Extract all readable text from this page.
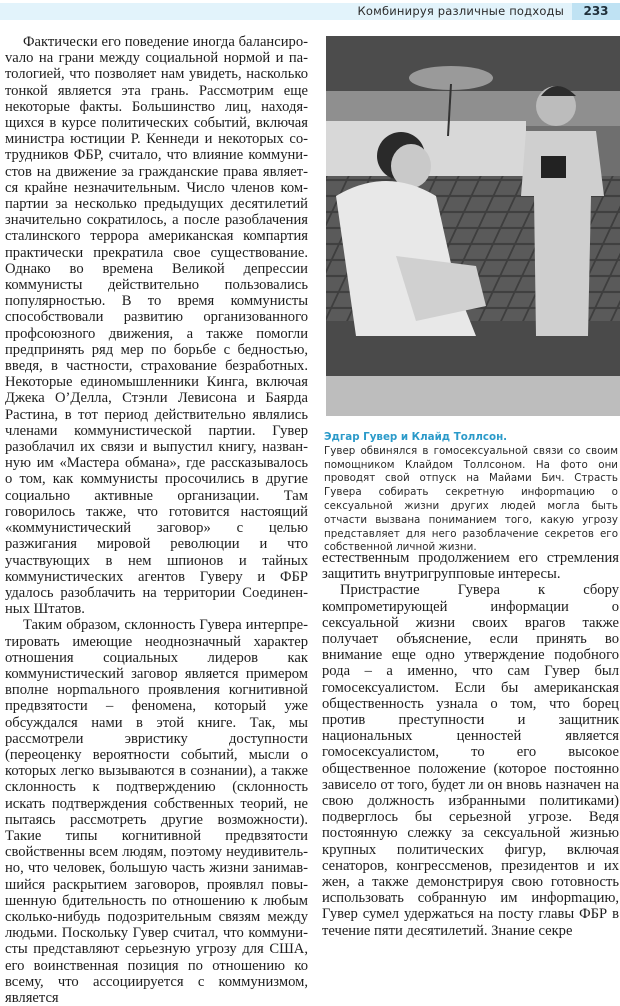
Комбинируя различные подходы	233

Фактически его поведение иногда балансироvало на грани между социальной нормой и патологией, что позволяет нам увидеть, насколько тонкой является эта грань. Рассмотрим еще некоторые факты. Большинство лиц, находящихся в курсе политических событий, включая министра юстиции Р. Кеннеди и некоторых сотрудников ФБР, считало, что влияние коммунистов на движение за гражданские права является крайне незначительным. Число членов компартии за несколько предыдущих десятилетий значительно сократилось, а после разоблачения сталинского террора американская компартия практически прекратила свое существование. Однако во времена Великой депрессии коммунисты действительно пользовались популярностью. В то время коммунисты способствовали развитию организованного профсоюзного движения, а также помогли предпринять ряд мер по борьбе с бедностью, введя, в частности, страхование безработных. Некоторые единомышленники Кинга, включая Джека О’Делла, Стэнли Левисона и Баярда Растина, в тот период действительно являлись членами коммунистической партии. Гувер разоблачил их связи и выпустил книгу, названную им «Мастера обмана», где рассказывалось о том, как коммунисты просочились в другие социально активные организации. Там говорилось также, что готовится настоящий «коммунистический заговор» с целью разжигания мировой революции и что участвующих в нем шпионов и тайных коммунистических агентов Гуверу и ФБР удалось разоблачить на территории Соединенных Штатов.

Таким образом, склонность Гувера интерпретировать имеющие неоднозначный характер отношения социальных лидеров как коммунистический заговор является примером вполне норmального проявления когнитивной предвзятости – феномена, который уже обсуждался нами в этой книге. Так, мы рассмотрели эвристику доступности (переоценку вероятности событий, мысли о которых легко вызываются в сознании), а также склонность к подтверждению (склонность искать подтверждения собственных теорий, не пытаясь рассмотреть другие возможности). Такие типы когнитивной предвзятости свойственны всем людям, поэтому неудивительно, что человек, большую часть жизни занимавшийся раскрытием заговоров, проявлял повышенную бдительность по отношению к любым сколько-нибудь подозрительным связям между людьми. Поскольку Гувер считал, что коммунисты представляют серьезную угрозу для США, его воинственная позиция по отношению ко всему, что ассоциируется с коммунизмом, является

Эдгар Гувер и Клайд Толлсон.
Гувер обвинялся в гомосексуальной связи со своим помощником Клайдом Толлсоном. На фото они проводят свой отпуск на Майами Бич. Страсть Гувера собирать секретную инфорmацию о сексуальной жизни других людей могла быть отчасти вызвана пониманием того, какую угрозу представляет для него разоблачение секретов его собственной личной жизни.

естественным продолжением его стремления защитить внутригрупповые интересы.

Пристрастие Гувера к сбору компрометирующей информации о сексуальной жизни своих врагов также получает объяснение, если принять во внимание еще одно утверждение подобного рода – а именно, что сам Гувер был гомосексуалистом. Если бы американская общественность узнала о том, что борец против преступности и защитник национальных ценностей является гомосексуалистом, то его высокое общественное положение (которое постоянно зависело от того, будет ли он вновь назначен на свою должность избранными политиками) подверглось бы серьезной угрозе. Ведя постоянную слежку за сексуальной жизнью крупных политических фигур, включая сенаторов, конгрессменов, президентов и их жен, а также демонстрируя свою готовность использовать собранную им инфорmацию, Гувер сумел удержаться на посту главы ФБР в течение пяти десятилетий. Знание секре
